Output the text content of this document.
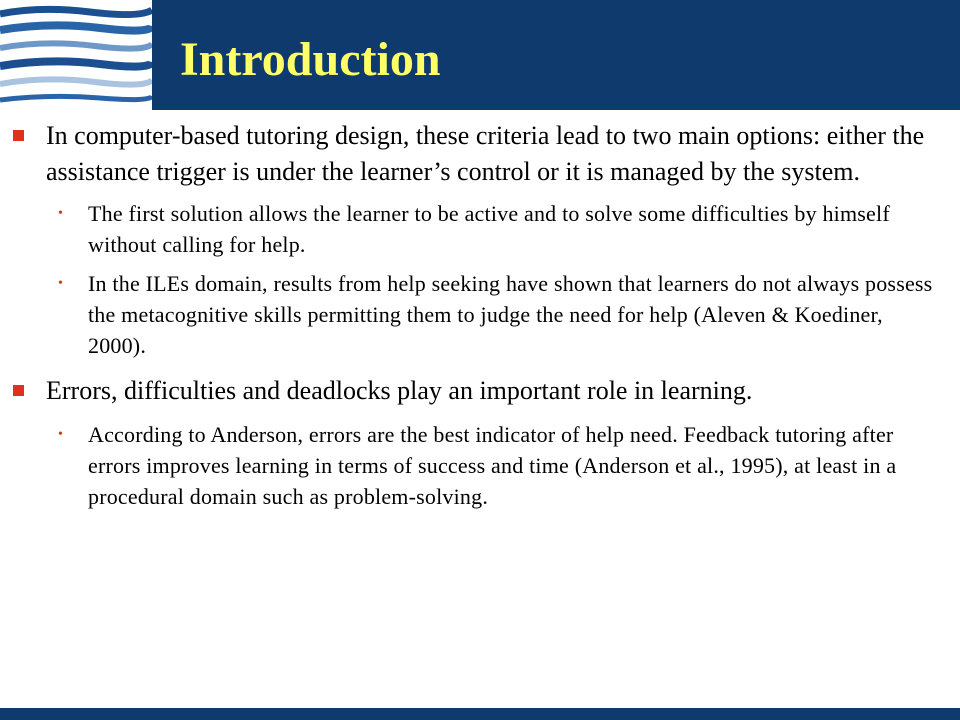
Introduction
In computer-based tutoring design, these criteria lead to two main options: either the assistance trigger is under the learner’s control or it is managed by the system.
• The first solution allows the learner to be active and to solve some difficulties by himself without calling for help.
• In the ILEs domain, results from help seeking have shown that learners do not always possess the metacognitive skills permitting them to judge the need for help (Aleven & Koediner, 2000).
Errors, difficulties and deadlocks play an important role in learning.
• According to Anderson, errors are the best indicator of help need. Feedback tutoring after errors improves learning in terms of success and time (Anderson et al., 1995), at least in a procedural domain such as problem-solving.
